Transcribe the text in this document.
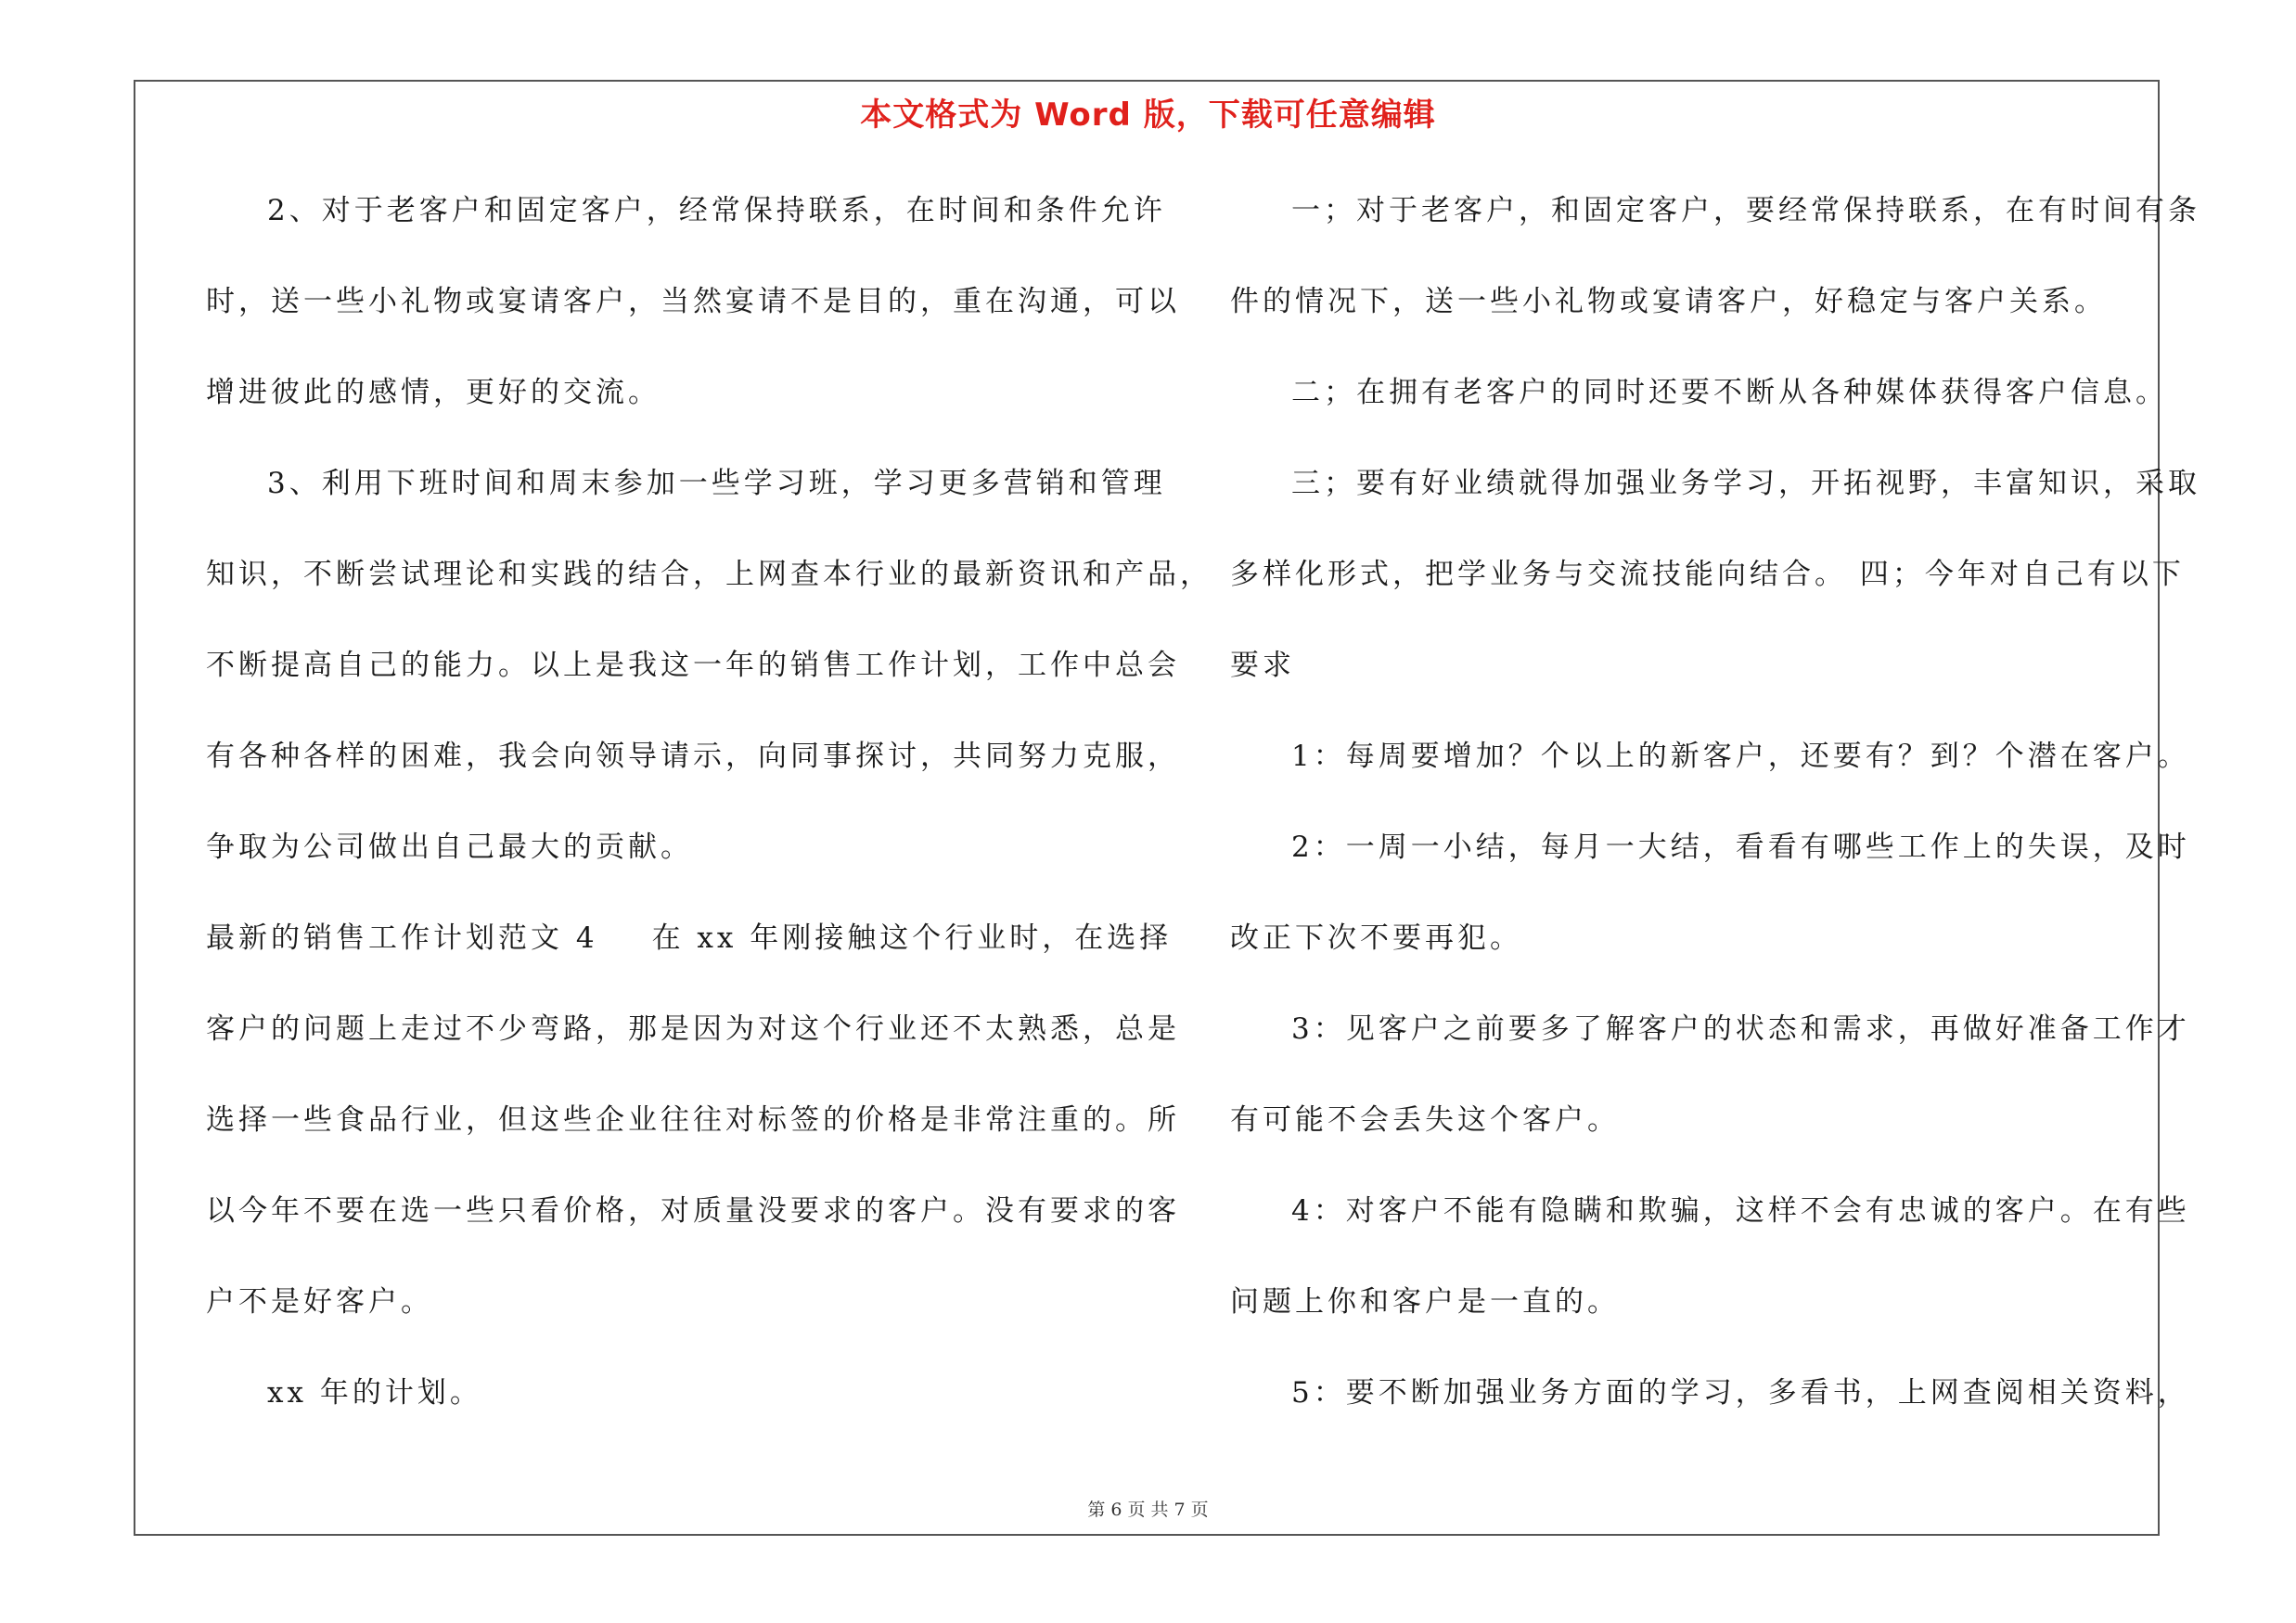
本文格式为 Word 版，下载可任意编辑
2、对于老客户和固定客户，经常保持联系，在时间和条件允许
时，送一些小礼物或宴请客户，当然宴请不是目的，重在沟通，可以
增进彼此的感情，更好的交流。
3、利用下班时间和周末参加一些学习班，学习更多营销和管理
知识，不断尝试理论和实践的结合，上网查本行业的最新资讯和产品，
不断提高自己的能力。以上是我这一年的销售工作计划，工作中总会
有各种各样的困难，我会向领导请示，向同事探讨，共同努力克服，
争取为公司做出自己最大的贡献。
最新的销售工作计划范文 4 在 xx 年刚接触这个行业时，在选择
客户的问题上走过不少弯路，那是因为对这个行业还不太熟悉，总是
选择一些食品行业，但这些企业往往对标签的价格是非常注重的。所
以今年不要在选一些只看价格，对质量没要求的客户。没有要求的客
户不是好客户。
xx 年的计划。
一；对于老客户，和固定客户，要经常保持联系，在有时间有条
件的情况下，送一些小礼物或宴请客户，好稳定与客户关系。
二；在拥有老客户的同时还要不断从各种媒体获得客户信息。
三；要有好业绩就得加强业务学习，开拓视野，丰富知识，采取
多样化形式，把学业务与交流技能向结合。 四；今年对自己有以下
要求
1：每周要增加？个以上的新客户，还要有？到？个潜在客户。
2：一周一小结，每月一大结，看看有哪些工作上的失误，及时
改正下次不要再犯。
3：见客户之前要多了解客户的状态和需求，再做好准备工作才
有可能不会丢失这个客户。
4：对客户不能有隐瞒和欺骗，这样不会有忠诚的客户。在有些
问题上你和客户是一直的。
5：要不断加强业务方面的学习，多看书，上网查阅相关资料，
第 6 页 共 7 页
